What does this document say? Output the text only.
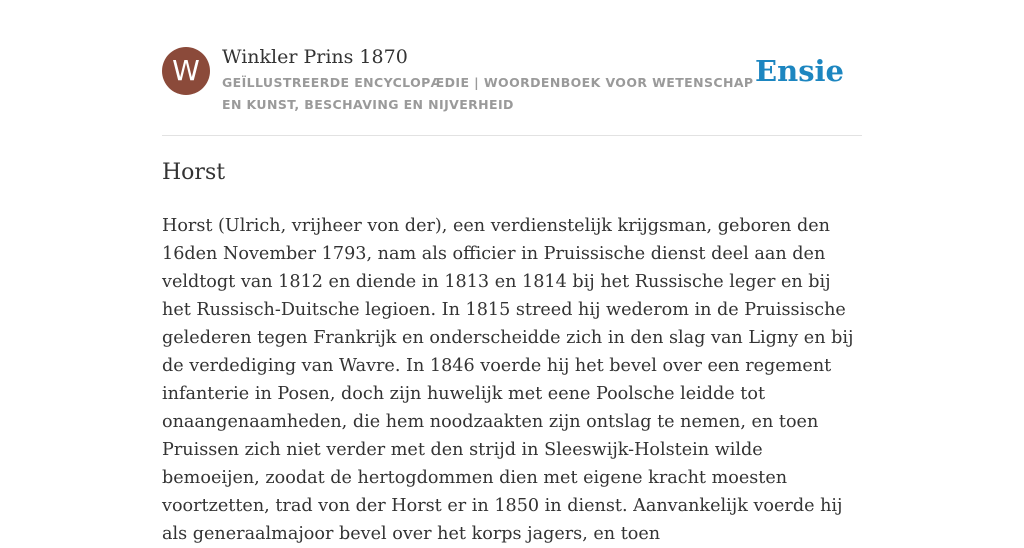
W	Winkler Prins 1870
GEÏLLUSTREERDE ENCYCLOPÆDIE | WOORDENBOEK VOOR WETENSCHAP EN KUNST, BESCHAVING EN NIJVERHEID
Ensie
Horst

Horst (Ulrich, vrijheer von der), een verdienstelijk krijgsman, geboren den 16den November 1793, nam als officier in Pruissische dienst deel aan den veldtogt van 1812 en diende in 1813 en 1814 bij het Russische leger en bij het Russisch-Duitsche legioen. In 1815 streed hij wederom in de Pruissische gelederen tegen Frankrijk en onderscheidde zich in den slag van Ligny en bij de verdediging van Wavre. In 1846 voerde hij het bevel over een regement infanterie in Posen, doch zijn huwelijk met eene Poolsche leidde tot onaangenaamheden, die hem noodzaakten zijn ontslag te nemen, en toen Pruissen zich niet verder met den strijd in Sleeswijk-Holstein wilde bemoeijen, zoodat de hertogdommen dien met eigene kracht moesten voortzetten, trad von der Horst er in 1850 in dienst. Aanvankelijk voerde hij als generaalmajoor bevel over het korps jagers, en toen
